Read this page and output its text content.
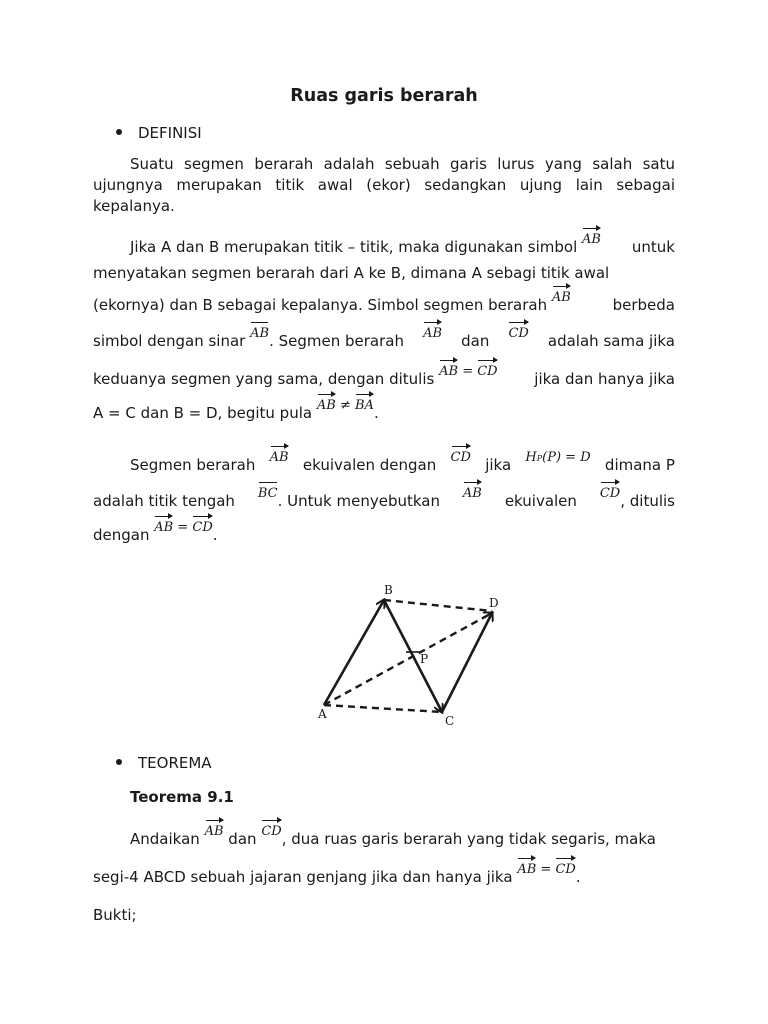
Ruas garis berarah
DEFINISI
Suatu segmen berarah adalah sebuah garis lurus yang salah satu ujungnya merupakan titik awal (ekor) sedangkan ujung lain sebagai kepalanya.
Jika A dan B merupakan titik – titik, maka digunakan simbol AB untuk
menyatakan segmen berarah dari A ke B, dimana A sebagi titik awal
(ekornya) dan B sebagai kepalanya. Simbol segmen berarah AB	berbeda
simbol dengan sinar AB. Segmen berarah AB dan CD adalah sama jika
keduanya segmen yang sama, dengan ditulis AB = CD jika dan hanya jika
A = C dan B = D, begitu pula
AB ≠ BA .
Segmen berarah AB ekuivalen dengan CD jika HP(P) = D dimana P
adalah titik tengah BC. Untuk menyebutkan AB ekuivalen CD, ditulis
dengan
AB = CD .
A
B
C
D
P
TEOREMA
Teorema 9.1
Andaikan AB dan CD, dua ruas garis berarah yang tidak segaris, maka
segi-4 ABCD sebuah jajaran genjang jika dan hanya jika
AB = CD .
Bukti;
